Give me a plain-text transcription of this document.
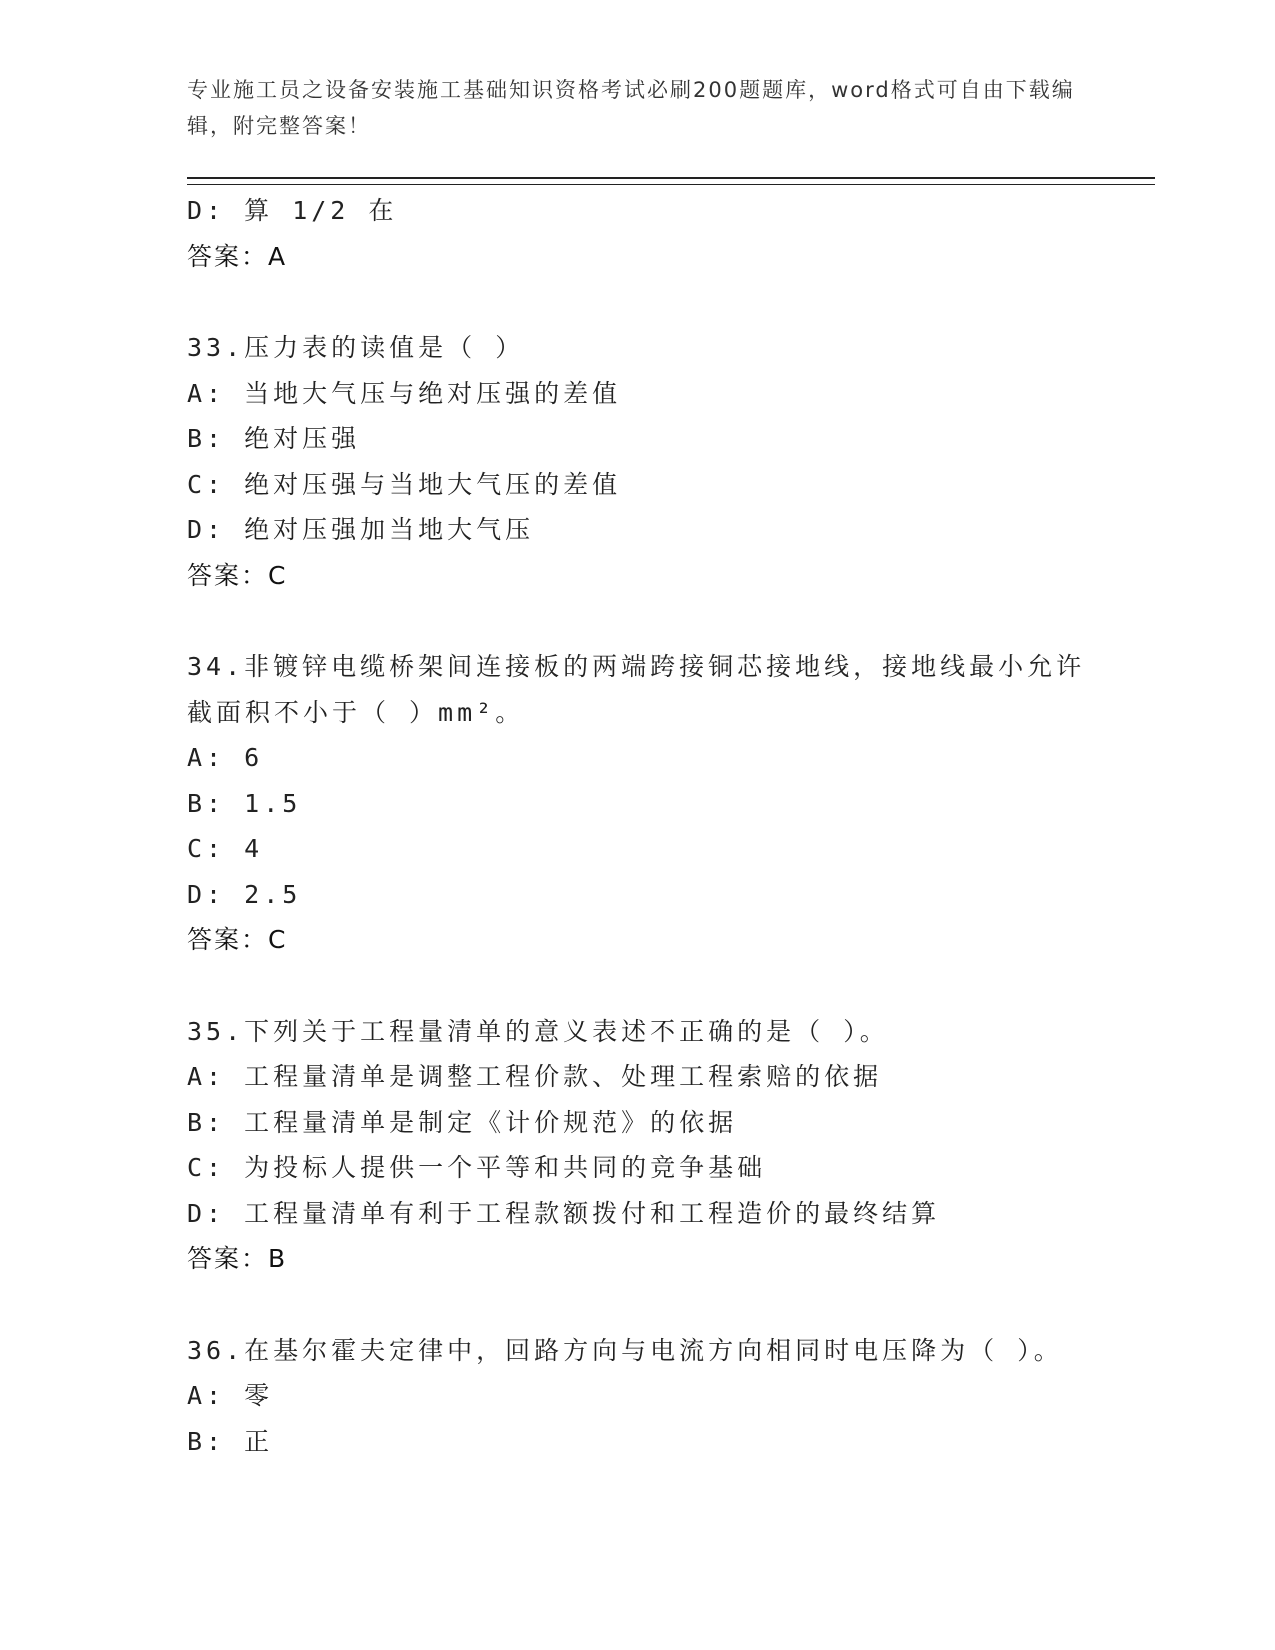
专业施工员之设备安装施工基础知识资格考试必刷200题题库，word格式可自由下载编辑，附完整答案！
D: 算 1/2 在
答案：A
33.压力表的读值是（ ）
A: 当地大气压与绝对压强的差值
B: 绝对压强
C: 绝对压强与当地大气压的差值
D: 绝对压强加当地大气压
答案：C
34.非镀锌电缆桥架间连接板的两端跨接铜芯接地线，接地线最小允许截面积不小于（ ）mm²。
A: 6
B: 1.5
C: 4
D: 2.5
答案：C
35.下列关于工程量清单的意义表述不正确的是（ ）。
A: 工程量清单是调整工程价款、处理工程索赔的依据
B: 工程量清单是制定《计价规范》的依据
C: 为投标人提供一个平等和共同的竞争基础
D: 工程量清单有利于工程款额拨付和工程造价的最终结算
答案：B
36.在基尔霍夫定律中，回路方向与电流方向相同时电压降为（ ）。
A: 零
B: 正
